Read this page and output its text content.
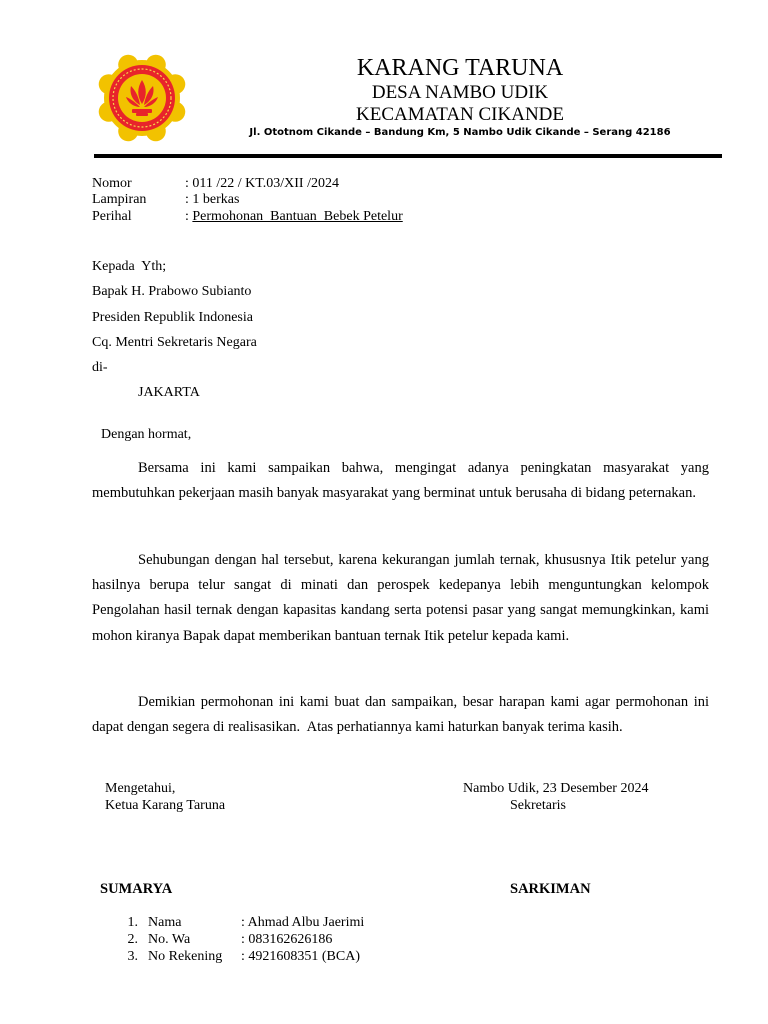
KARANG TARUNA
DESA NAMBO UDIK
KECAMATAN CIKANDE
Jl. Ototnom Cikande – Bandung Km, 5 Nambo Udik Cikande – Serang 42186
Nomor	: 011 /22 / KT.03/XII /2024
Lampiran	: 1 berkas
Perihal	: Permohonan  Bantuan  Bebek Petelur
Kepada  Yth;
Bapak H. Prabowo Subianto
Presiden Republik Indonesia
Cq. Mentri Sekretaris Negara
di-
JAKARTA
Dengan hormat,
Bersama ini kami sampaikan bahwa, mengingat adanya peningkatan masyarakat yang membutuhkan pekerjaan masih banyak masyarakat yang berminat untuk berusaha di bidang peternakan.
Sehubungan dengan hal tersebut, karena kekurangan jumlah ternak, khususnya Itik petelur yang hasilnya berupa telur sangat di minati dan perospek kedepanya lebih menguntungkan kelompok Pengolahan hasil ternak dengan kapasitas kandang serta potensi pasar yang sangat memungkinkan, kami mohon kiranya Bapak dapat memberikan bantuan ternak Itik petelur kepada kami.
Demikian permohonan ini kami buat dan sampaikan, besar harapan kami agar permohonan ini dapat dengan segera di realisasikan.  Atas perhatiannya kami haturkan banyak terima kasih.
Mengetahui,
Ketua Karang Taruna
Nambo Udik, 23 Desember 2024
Sekretaris
SUMARYA	SARKIMAN
1. Nama	: Ahmad Albu Jaerimi
2. No. Wa	: 083162626186
3. No Rekening : 4921608351 (BCA)
